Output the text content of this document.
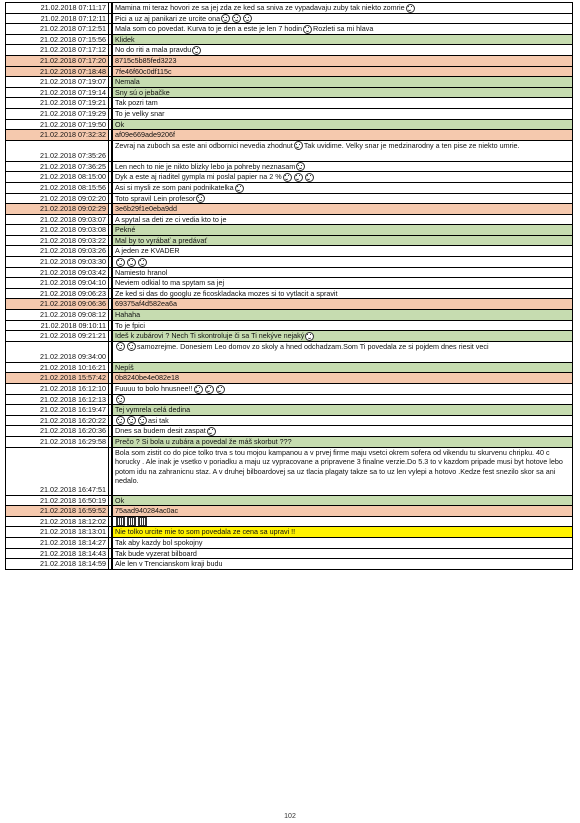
21.02.2018 07:11:17		Mamina mi teraz hovori ze sa jej zda ze ked sa sniva ze vypadavaju zuby tak niekto zomrie
21.02.2018 07:12:11		Pici a uz aj panikari ze urcite ona
21.02.2018 07:12:51		Mala som co povedat. Kurva to je den a este je len 7 hodin Rozleti sa mi hlava
21.02.2018 07:15:56		Klidek
21.02.2018 07:17:12		No do riti a mala pravdu
21.02.2018 07:17:20		8715c5b85fed3223
21.02.2018 07:18:48		7fe46f60c0df115c
21.02.2018 07:19:07		Nemala
21.02.2018 07:19:14		Sny sú o jebačke
21.02.2018 07:19:21		Tak pozri tam
21.02.2018 07:19:29		To je velky snar
21.02.2018 07:19:50		Ok
21.02.2018 07:32:32		af09e669ade9206f
21.02.2018 07:35:26		Zevraj na zuboch sa este ani odbornici nevedia zhodnut Tak uvidime. Velky snar je medzinarodny a ten pise ze niekto umrie.
21.02.2018 07:36:25		Len nech to nie je nikto blizky lebo ja pohreby neznasam
21.02.2018 08:15:00		Dyk a este aj riaditel gympla mi poslal papier na 2 %
21.02.2018 08:15:56		Asi si mysli ze som pani podnikatelka
21.02.2018 09:02:20		Toto spravil Lein profesor
21.02.2018 09:02:29		3e6b29f1e0eba9dd
21.02.2018 09:03:07		A spytal sa deti ze ci vedia kto to je
21.02.2018 09:03:08		Pekné
21.02.2018 09:03:22		Mal by to vyrábať a predávať
21.02.2018 09:03:26		A jeden ze KVADER
21.02.2018 09:03:30		
21.02.2018 09:03:42		Namiesto hranol
21.02.2018 09:04:10		Neviem odkial to ma spytam sa jej
21.02.2018 09:06:23		Ze ked si das do googlu ze ficoskladacka mozes si to vytlacit a spravit
21.02.2018 09:06:36		69375af4d582ea6a
21.02.2018 09:08:12		Hahaha
21.02.2018 09:10:11		To je fpici
21.02.2018 09:21:21		Ideš k zubárovi ? Nech Ti skontroluje či sa Ti nekýve nejaký
21.02.2018 09:34:00		samozrejme. Donesiem Leo domov zo skoly a hned odchadzam.Som Ti povedala ze si pojdem dnes riesit veci
21.02.2018 10:16:21		Nepíš
21.02.2018 15:57:42		0b8240be4e082e18
21.02.2018 16:12:10		Fuuuu to bolo hnusnee!!
21.02.2018 16:12:13		
21.02.2018 16:19:47		Tej vymrela celá dedina
21.02.2018 16:20:22		asi tak
21.02.2018 16:20:36		Dnes sa budem desit zaspat
21.02.2018 16:29:58		Prečo ? Si bola u zubára a povedal že máš skorbut ???
21.02.2018 16:47:51		Bola som zistit co do pice tolko trva s tou mojou kampanou a v prvej firme maju vsetci okrem sofera od vikendu tu skurvenu chripku. 40 c horucky . Ale inak je vsetko v poriadku a maju uz vypracovane a pripravene 3 finalne verzie.Do 5.3 to v kazdom pripade musi byt hotove lebo potom idu na zahranicnu staz. A v druhej bilboardovej sa uz tlacia plagaty takze sa to uz len vylepi a hotovo .Kedze fest snezilo skor sa ani nedalo.
21.02.2018 16:50:19		Ok
21.02.2018 16:59:52		75aad940284ac0ac
21.02.2018 18:12:02		
21.02.2018 18:13:01		Nie tolko urcite mie to som povedala ze cena sa upravi !!
21.02.2018 18:14:27		Tak aby kazdy bol spokojny
21.02.2018 18:14:43		Tak bude vyzerat bilboard
21.02.2018 18:14:59		Ale len v Trencianskom kraji budu
102
